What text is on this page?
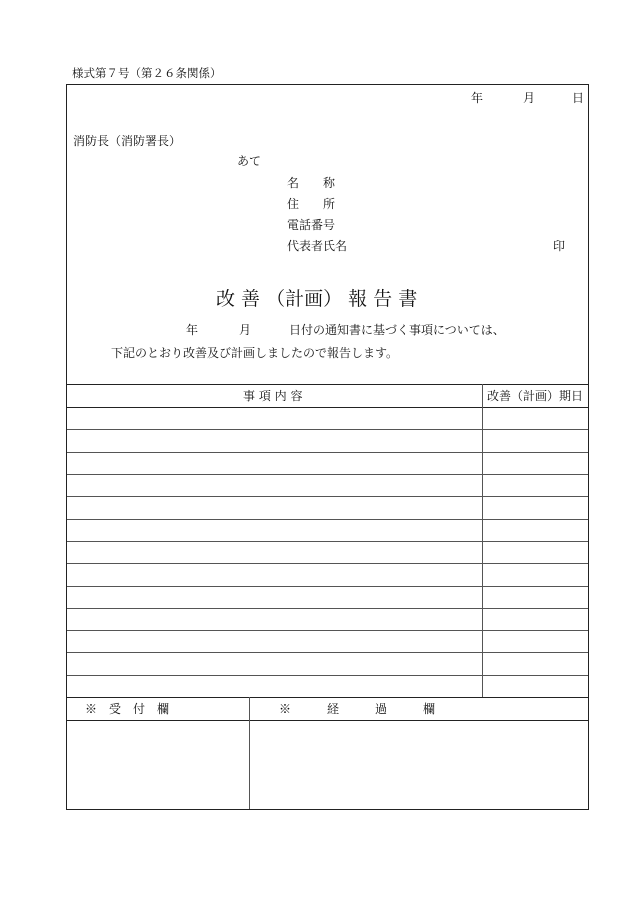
様式第７号（第２６条関係）
年	月	日
消防長（消防署長）
あて
名　　称
住　　所
電話番号
代表者氏名	印
改 善 （計画） 報 告 書
年	月	日付の通知書に基づく事項については、
下記のとおり改善及び計画しましたので報告します。
事 項 内 容	改善（計画）期日
※　受　付　欄	※　　　経　　　過　　　欄
